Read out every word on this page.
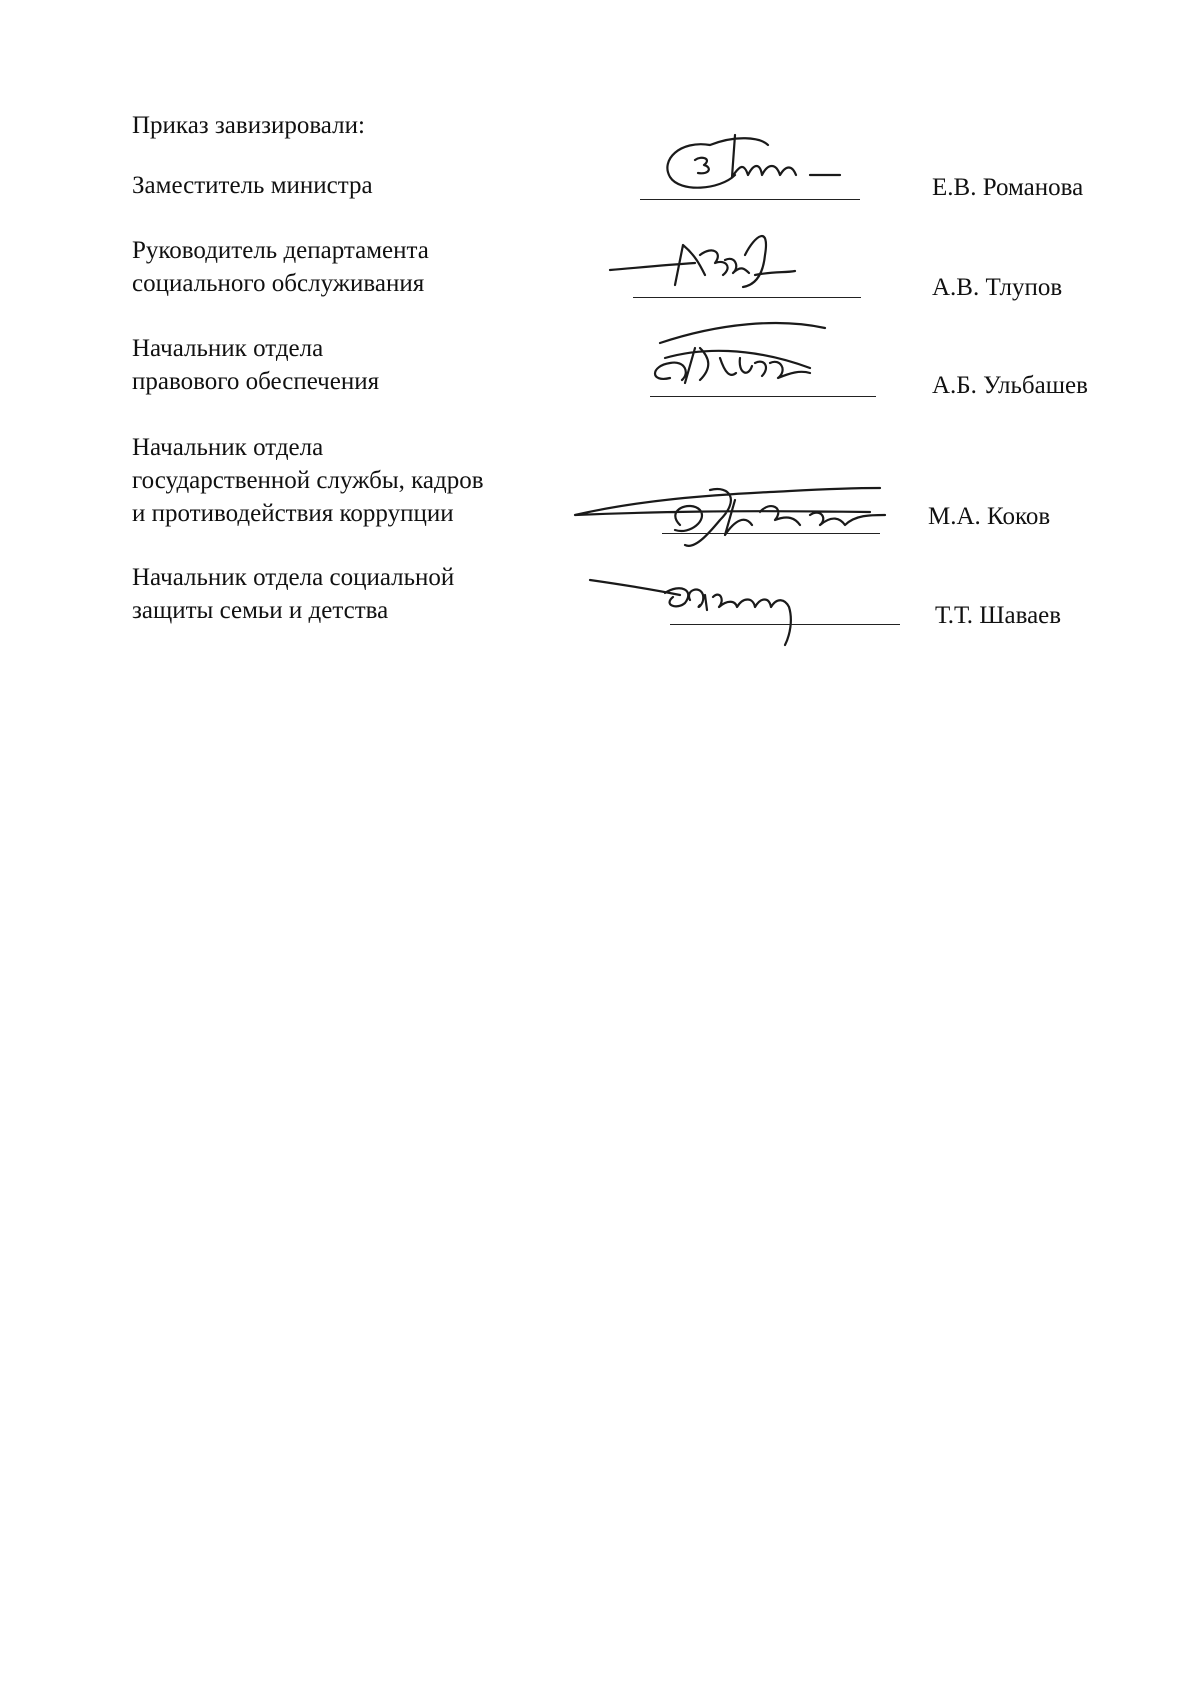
Приказ завизировали:
Заместитель министра	Е.В. Романова
Руководитель департамента
социального обслуживания	А.В. Тлупов
Начальник отдела
правового обеспечения	А.Б. Ульбашев
Начальник отдела
государственной службы, кадров
и противодействия коррупции	М.А. Коков
Начальник отдела социальной
защиты семьи и детства	Т.Т. Шаваев
